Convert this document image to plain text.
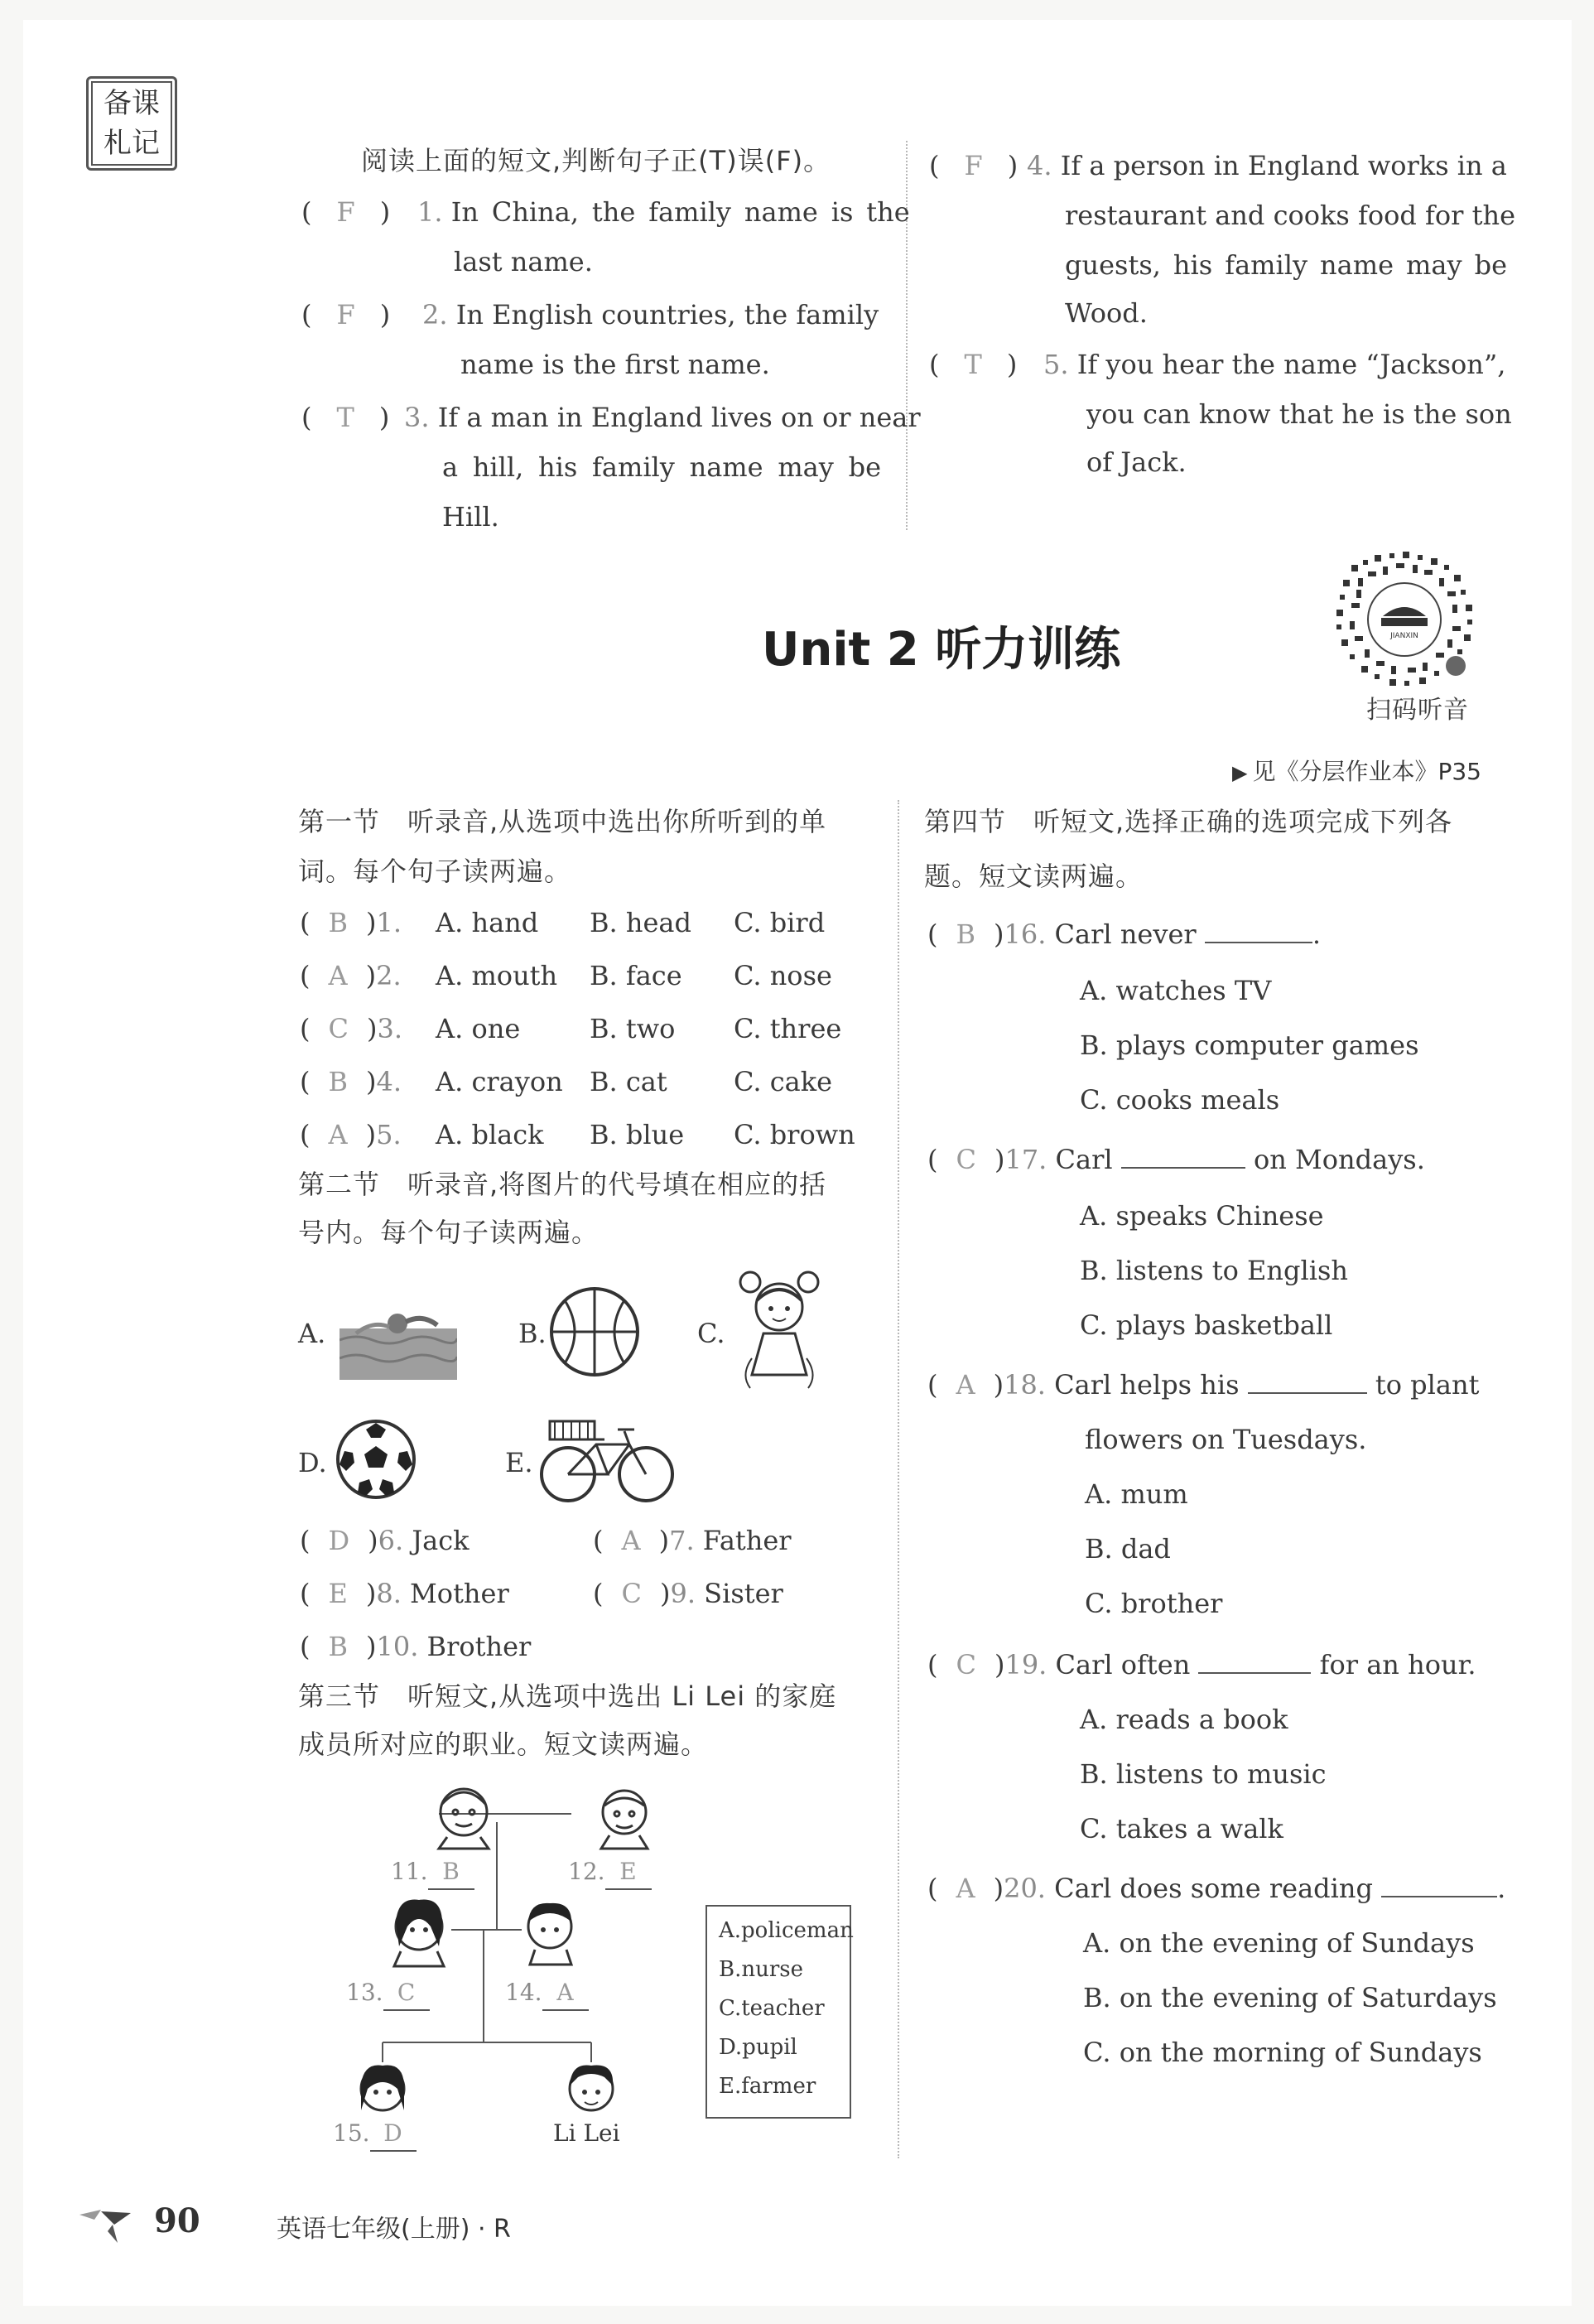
备课
札记
阅读上面的短文,判断句子正(T)误(F)。
( F ) 1. In China, the family name is the
last name.
( F ) 2. In English countries, the family
name is the first name.
( T ) 3. If a man in England lives on or near
a hill, his family name may be
Hill.
( F ) 4. If a person in England works in a
restaurant and cooks food for the
guests, his family name may be
Wood.
( T ) 5. If you hear the name “Jackson”,
you can know that he is the son
of Jack.
Unit 2 听力训练	JIANXIN
扫码听音
▶ 见《分层作业本》P35
第一节　听录音,从选项中选出你所听到的单
词。每个句子读两遍。
( B )1. A. hand B. head C. bird
( A )2. A. mouth B. face C. nose
( C )3. A. one	B. two C. three
( B )4. A. crayon B. cat	C. cake
( A )5. A. black B. blue C. brown
第二节　听录音,将图片的代号填在相应的括
号内。每个句子读两遍。
A.	B.	C.
D.	E.
( D )6. Jack	( A )7. Father
( E )8. Mother	( C )9. Sister
( B )10. Brother
第三节　听短文,从选项中选出 Li Lei 的家庭
成员所对应的职业。短文读两遍。
11. B	12. E
13. C	14. A
15. D	Li Lei
A.policeman
B.nurse
C.teacher
D.pupil
E.farmer
第四节　听短文,选择正确的选项完成下列各
题。短文读两遍。
( B )16. Carl never	.
A. watches TV
B. plays computer games
C. cooks meals
( C )17. Carl	on Mondays.
A. speaks Chinese
B. listens to English
C. plays basketball
( A )18. Carl helps his	to plant
flowers on Tuesdays.
A. mum
B. dad
C. brother
( C )19. Carl often	for an hour.
A. reads a book
B. listens to music
C. takes a walk
( A )20. Carl does some reading	.
A. on the evening of Sundays
B. on the evening of Saturdays
C. on the morning of Sundays
90	英语七年级(上册) · R
